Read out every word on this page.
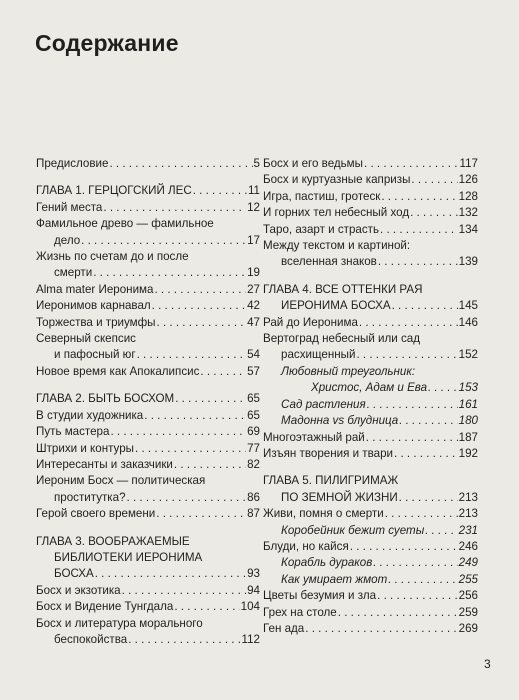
Содержание
Предисловие . . .	5
ГЛАВА 1. ГЕРЦОГСКИЙ ЛЕС . . .	11
Гений места . . .	12
Фамильное древо — фамильное
дело . . .	17
Жизнь по счетам до и после
смерти . . .	19
Alma mater Иеронима . . .	27
Иеронимов карнавал . . .	42
Торжества и триумфы . . .	47
Северный скепсис
и пафосный юг . . .	54
Новое время как Апокалипсис . . .	57
ГЛАВА 2. БЫТЬ БОСХОМ . . .	65
В студии художника . . .	65
Путь мастера . . .	69
Штрихи и контуры . . .	77
Интересанты и заказчики . . .	82
Иероним Босх — политическая
проститутка? . . .	86
Герой своего времени . . .	87
ГЛАВА 3. ВООБРАЖАЕМЫЕ
БИБЛИОТЕКИ ИЕРОНИМА
БОСХА . . .	93
Босх и экзотика . . .	94
Босх и Видение Тунгдала . . .	104
Босх и литература морального
беспокойства . . .	112
Босх и его ведьмы . . .	117
Босх и куртуазные капризы . . .	126
Игра, пастиш, гротеск . . .	128
И горних тел небесный ход . . .	132
Таро, азарт и страсть . . .	134
Между текстом и картиной:
вселенная знаков . . .	139
ГЛАВА 4. ВСЕ ОТТЕНКИ РАЯ
ИЕРОНИМА БОСХА . . .	145
Рай до Иеронима . . .	146
Вертоград небесный или сад
расхищенный . . .	152
Любовный треугольник:
Христос, Адам и Ева . . .	153
Сад растления . . .	161
Мадонна vs блудница . . .	180
Многоэтажный рай . . .	187
Изъян творения и твари . . .	192
ГЛАВА 5. ПИЛИГРИМАЖ
ПО ЗЕМНОЙ ЖИЗНИ . . .	213
Живи, помня о смерти . . .	213
Коробейник бежит суеты . . .	231
Блуди, но кайся . . .	246
Корабль дураков . . .	249
Как умирает жмот . . .	255
Цветы безумия и зла . . .	256
Грех на столе . . .	259
Ген ада . . .	269
3
